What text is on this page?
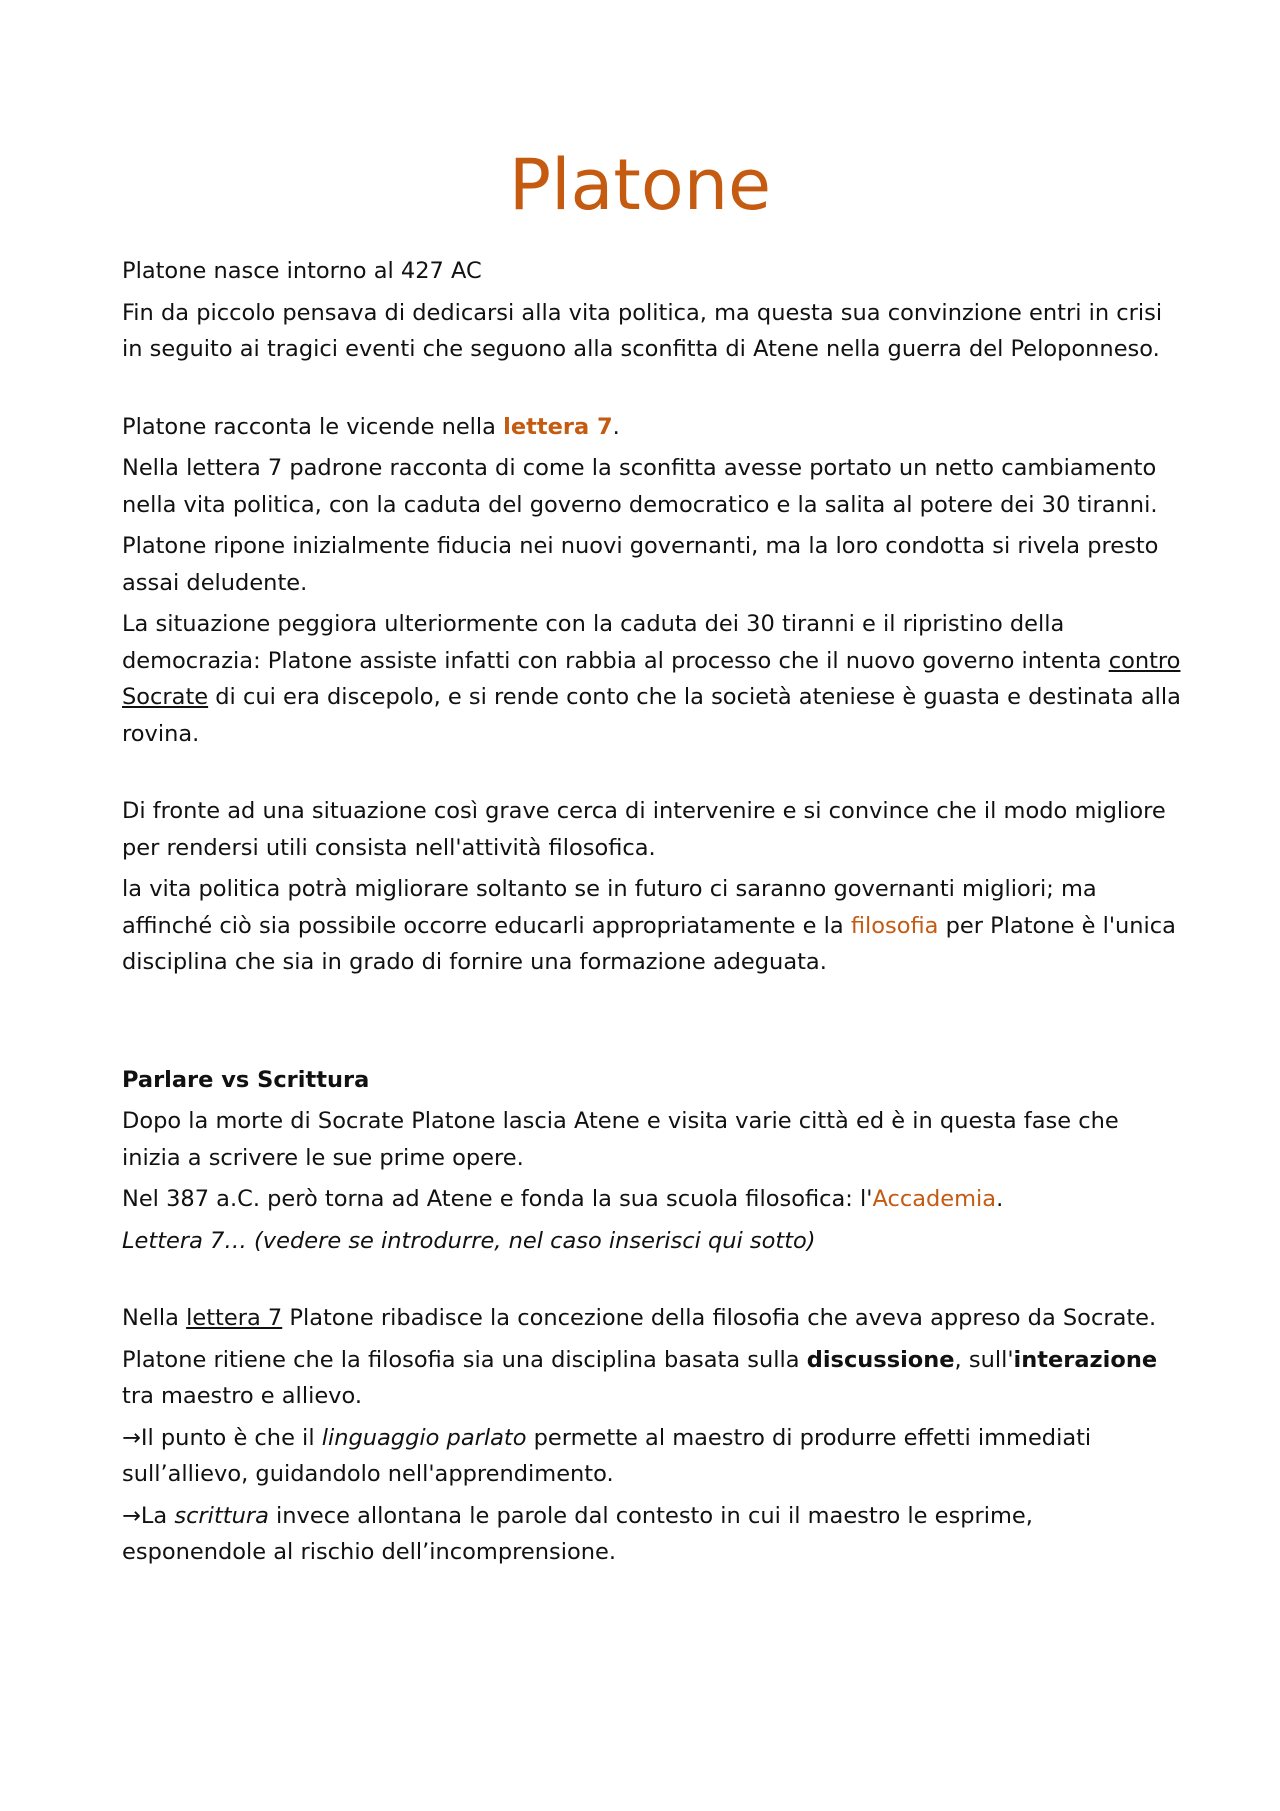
Platone

Platone nasce intorno al 427 AC

Fin da piccolo pensava di dedicarsi alla vita politica, ma questa sua convinzione entri in crisi in seguito ai tragici eventi che seguono alla sconfitta di Atene nella guerra del Peloponneso.

Platone racconta le vicende nella lettera 7.

Nella lettera 7 padrone racconta di come la sconfitta avesse portato un netto cambiamento nella vita politica, con la caduta del governo democratico e la salita al potere dei 30 tiranni.

Platone ripone inizialmente fiducia nei nuovi governanti, ma la loro condotta si rivela presto assai deludente.

La situazione peggiora ulteriormente con la caduta dei 30 tiranni e il ripristino della democrazia: Platone assiste infatti con rabbia al processo che il nuovo governo intenta contro Socrate di cui era discepolo, e si rende conto che la società ateniese è guasta e destinata alla rovina.

Di fronte ad una situazione così grave cerca di intervenire e si convince che il modo migliore per rendersi utili consista nell'attività filosofica.

la vita politica potrà migliorare soltanto se in futuro ci saranno governanti migliori; ma affinché ciò sia possibile occorre educarli appropriatamente e la filosofia per Platone è l'unica disciplina che sia in grado di fornire una formazione adeguata.

Parlare vs Scrittura

Dopo la morte di Socrate Platone lascia Atene e visita varie città ed è in questa fase che inizia a scrivere le sue prime opere.

Nel 387 a.C. però torna ad Atene e fonda la sua scuola filosofica: l'Accademia.

Lettera 7… (vedere se introdurre, nel caso inserisci qui sotto)

Nella lettera 7 Platone ribadisce la concezione della filosofia che aveva appreso da Socrate.

Platone ritiene che la filosofia sia una disciplina basata sulla discussione, sull'interazione tra maestro e allievo.

→Il punto è che il linguaggio parlato permette al maestro di produrre effetti immediati sull’allievo, guidandolo nell'apprendimento.

→La scrittura invece allontana le parole dal contesto in cui il maestro le esprime, esponendole al rischio dell’incomprensione.
